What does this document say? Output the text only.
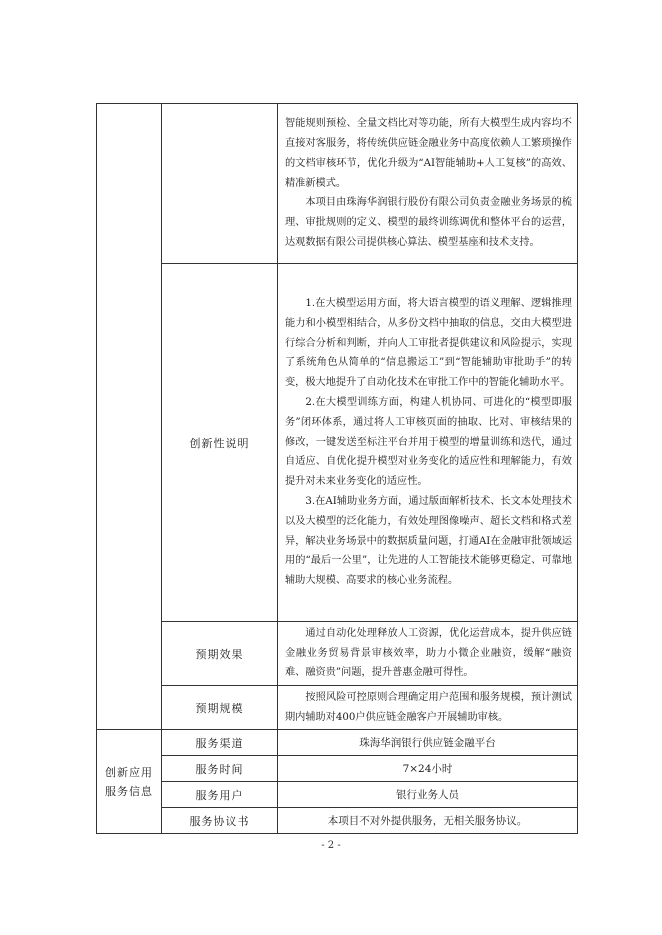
		智能规则预检、全量文档比对等功能，所有大模型生成内容均不直接对客服务，将传统供应链金融业务中高度依赖人工繁琐操作的文档审核环节，优化升级为“AI智能辅助+人工复核”的高效、精准新模式。

本项目由珠海华润银行股份有限公司负责金融业务场景的梳理、审批规则的定义、模型的最终训练调优和整体平台的运营，达观数据有限公司提供核心算法、模型基座和技术支持。

	创新性说明	1.在大模型运用方面，将大语言模型的语义理解、逻辑推理能力和小模型相结合，从多份文档中抽取的信息，交由大模型进行综合分析和判断，并向人工审批者提供建议和风险提示，实现了系统角色从简单的“信息搬运工”到“智能辅助审批助手”的转变，极大地提升了自动化技术在审批工作中的智能化辅助水平。

2.在大模型训练方面，构建人机协同、可进化的“模型即服务”闭环体系，通过将人工审核页面的抽取、比对、审核结果的修改，一键发送至标注平台并用于模型的增量训练和迭代，通过自适应、自优化提升模型对业务变化的适应性和理解能力，有效提升对未来业务变化的适应性。

3.在AI辅助业务方面，通过版面解析技术、长文本处理技术以及大模型的泛化能力，有效处理图像噪声、超长文档和格式差异，解决业务场景中的数据质量问题，打通AI在金融审批领域运用的“最后一公里”，让先进的人工智能技术能够更稳定、可靠地辅助大规模、高要求的核心业务流程。

	预期效果	通过自动化处理释放人工资源，优化运营成本，提升供应链金融业务贸易背景审核效率，助力小微企业融资，缓解“融资难、融资贵”问题，提升普惠金融可得性。
	预期规模	按照风险可控原则合理确定用户范围和服务规模，预计测试期内辅助对400户供应链金融客户开展辅助审核。
创新应用
服务信息	服务渠道	珠海华润银行供应链金融平台
	服务时间	7×24小时
	服务用户	银行业务人员
	服务协议书	本项目不对外提供服务，无相关服务协议。
- 2 -
